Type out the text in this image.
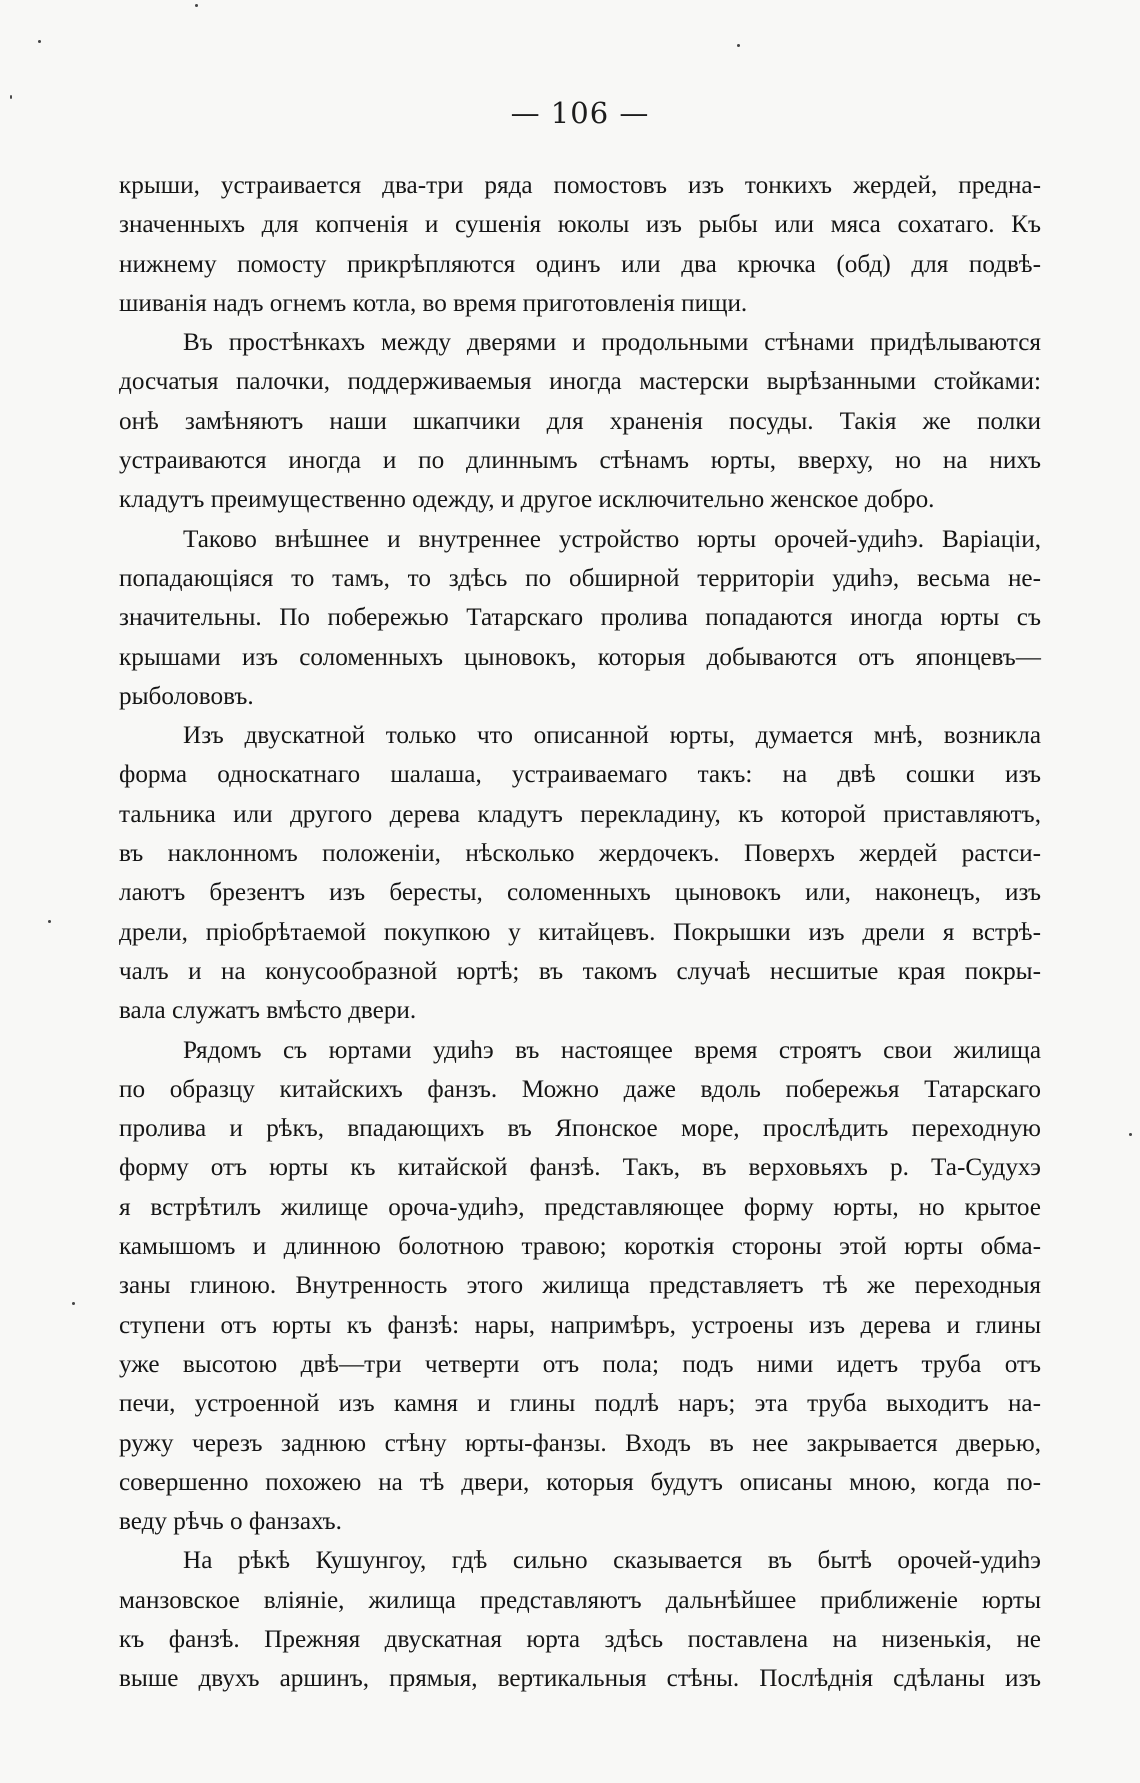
— 106 —
крыши, устраивается два-три ряда помостовъ изъ тонкихъ жердей, предна-
значенныхъ для копченія и сушенія юколы изъ рыбы или мяса сохатаго. Къ
нижнему помосту прикрѣпляются одинъ или два крючка (обд) для подвѣ-
шиванія надъ огнемъ котла, во время приготовленія пищи.
Въ простѣнкахъ между дверями и продольными стѣнами придѣлываются
досчатыя палочки, поддерживаемыя иногда мастерски вырѣзанными стойками:
онѣ замѣняютъ наши шкапчики для храненія посуды. Такія же полки
устраиваются иногда и по длиннымъ стѣнамъ юрты, вверху, но на нихъ
кладутъ преимущественно одежду, и другое исключительно женское добро.
Таково внѣшнее и внутреннее устройство юрты орочей-удиhэ. Варіаціи,
попадающіяся то тамъ, то здѣсь по обширной территоріи удиhэ, весьма не-
значительны. По побережью Татарскаго пролива попадаются иногда юрты съ
крышами изъ соломенныхъ цыновокъ, которыя добываются отъ японцевъ—
рыболововъ.
Изъ двускатной только что описанной юрты, думается мнѣ, возникла
форма односкатнаго шалаша, устраиваемаго такъ: на двѣ сошки изъ
тальника или другого дерева кладутъ перекладину, къ которой приставляютъ,
въ наклонномъ положеніи, нѣсколько жердочекъ. Поверхъ жердей растси-
лаютъ брезентъ изъ бересты, соломенныхъ цыновокъ или, наконецъ, изъ
дрели, пріобрѣтаемой покупкою у китайцевъ. Покрышки изъ дрели я встрѣ-
чалъ и на конусообразной юртѣ; въ такомъ случаѣ несшитые края покры-
вала служатъ вмѣсто двери.
Рядомъ съ юртами удиhэ въ настоящее время строятъ свои жилища
по образцу китайскихъ фанзъ. Можно даже вдоль побережья Татарскаго
пролива и рѣкъ, впадающихъ въ Японское море, прослѣдить переходную
форму отъ юрты къ китайской фанзѣ. Такъ, въ верховьяхъ р. Та-Судухэ
я встрѣтилъ жилище ороча-удиhэ, представляющее форму юрты, но крытое
камышомъ и длинною болотною травою; короткія стороны этой юрты обма-
заны глиною. Внутренность этого жилища представляетъ тѣ же переходныя
ступени отъ юрты къ фанзѣ: нары, напримѣръ, устроены изъ дерева и глины
уже высотою двѣ—три четверти отъ пола; подъ ними идетъ труба отъ
печи, устроенной изъ камня и глины подлѣ наръ; эта труба выходитъ на-
ружу черезъ заднюю стѣну юрты-фанзы. Входъ въ нее закрывается дверью,
совершенно похожею на тѣ двери, которыя будутъ описаны мною, когда по-
веду рѣчь о фанзахъ.
На рѣкѣ Кушунгоу, гдѣ сильно сказывается въ бытѣ орочей-удиhэ
манзовское вліяніе, жилища представляютъ дальнѣйшее приближеніе юрты
къ фанзѣ. Прежняя двускатная юрта здѣсь поставлена на низенькія, не
выше двухъ аршинъ, прямыя, вертикальныя стѣны. Послѣднія сдѣланы изъ
